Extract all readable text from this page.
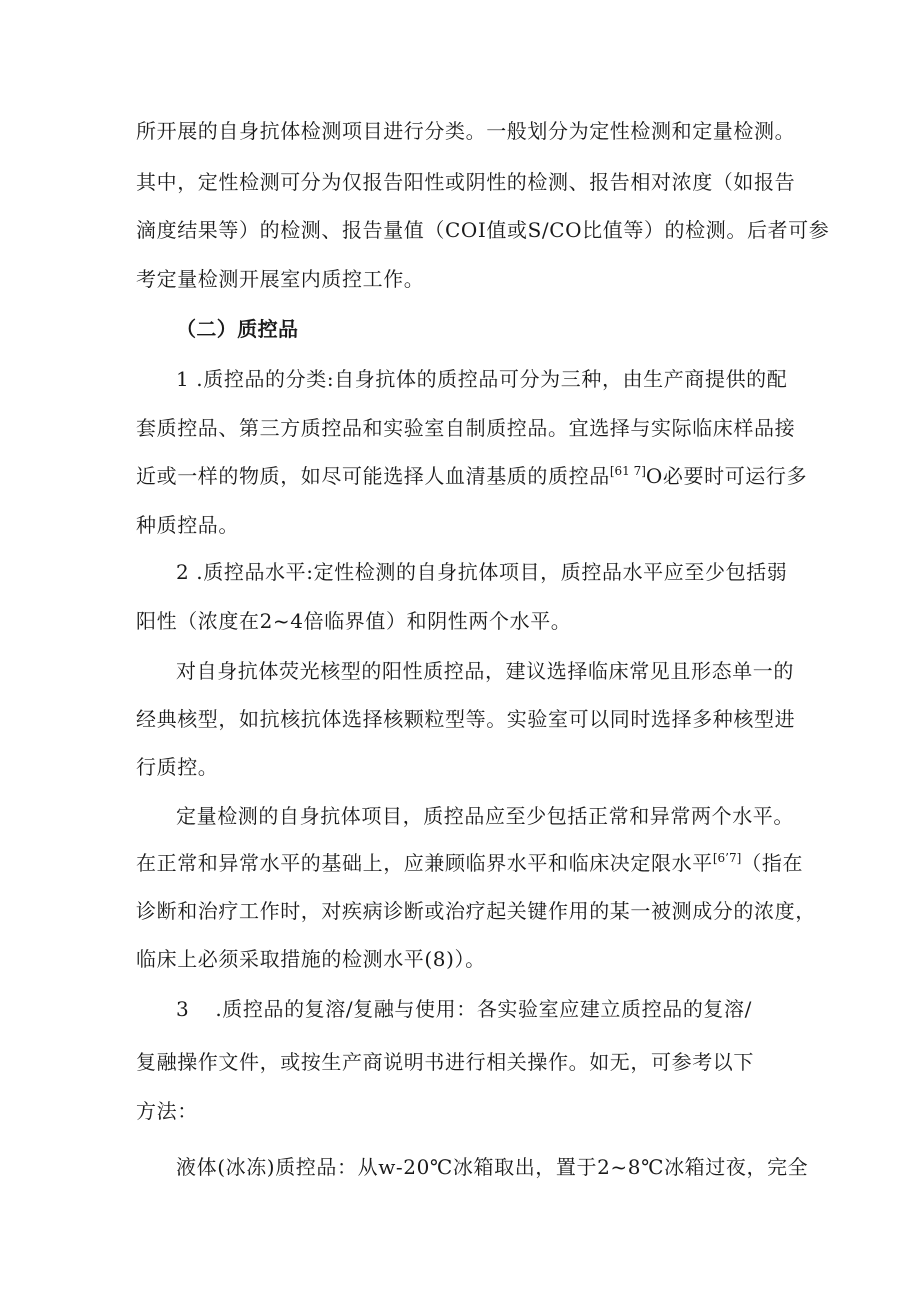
所开展的自身抗体检测项目进行分类。一般划分为定性检测和定量检测。
其中，定性检测可分为仅报告阳性或阴性的检测、报告相对浓度（如报告
滴度结果等）的检测、报告量值（COI值或S/CO比值等）的检测。后者可参
考定量检测开展室内质控工作。
（二）质控品
1 .质控品的分类:自身抗体的质控品可分为三种，由生产商提供的配
套质控品、第三方质控品和实验室自制质控品。宜选择与实际临床样品接
近或一样的物质，如尽可能选择人血清基质的质控品[61 7]O必要时可运行多
种质控品。
2 .质控品水平:定性检测的自身抗体项目，质控品水平应至少包括弱
阳性（浓度在2~4倍临界值）和阴性两个水平。
对自身抗体荧光核型的阳性质控品，建议选择临床常见且形态单一的
经典核型，如抗核抗体选择核颗粒型等。实验室可以同时选择多种核型进
行质控。
定量检测的自身抗体项目，质控品应至少包括正常和异常两个水平。
在正常和异常水平的基础上，应兼顾临界水平和临床决定限水平[6’7]（指在
诊断和治疗工作时，对疾病诊断或治疗起关键作用的某一被测成分的浓度，
临床上必须采取措施的检测水平(8)）。
3 .质控品的复溶/复融与使用：各实验室应建立质控品的复溶/
复融操作文件，或按生产商说明书进行相关操作。如无，可参考以下
方法：
液体(冰冻)质控品：从w-20℃冰箱取出，置于2~8℃冰箱过夜，完全
